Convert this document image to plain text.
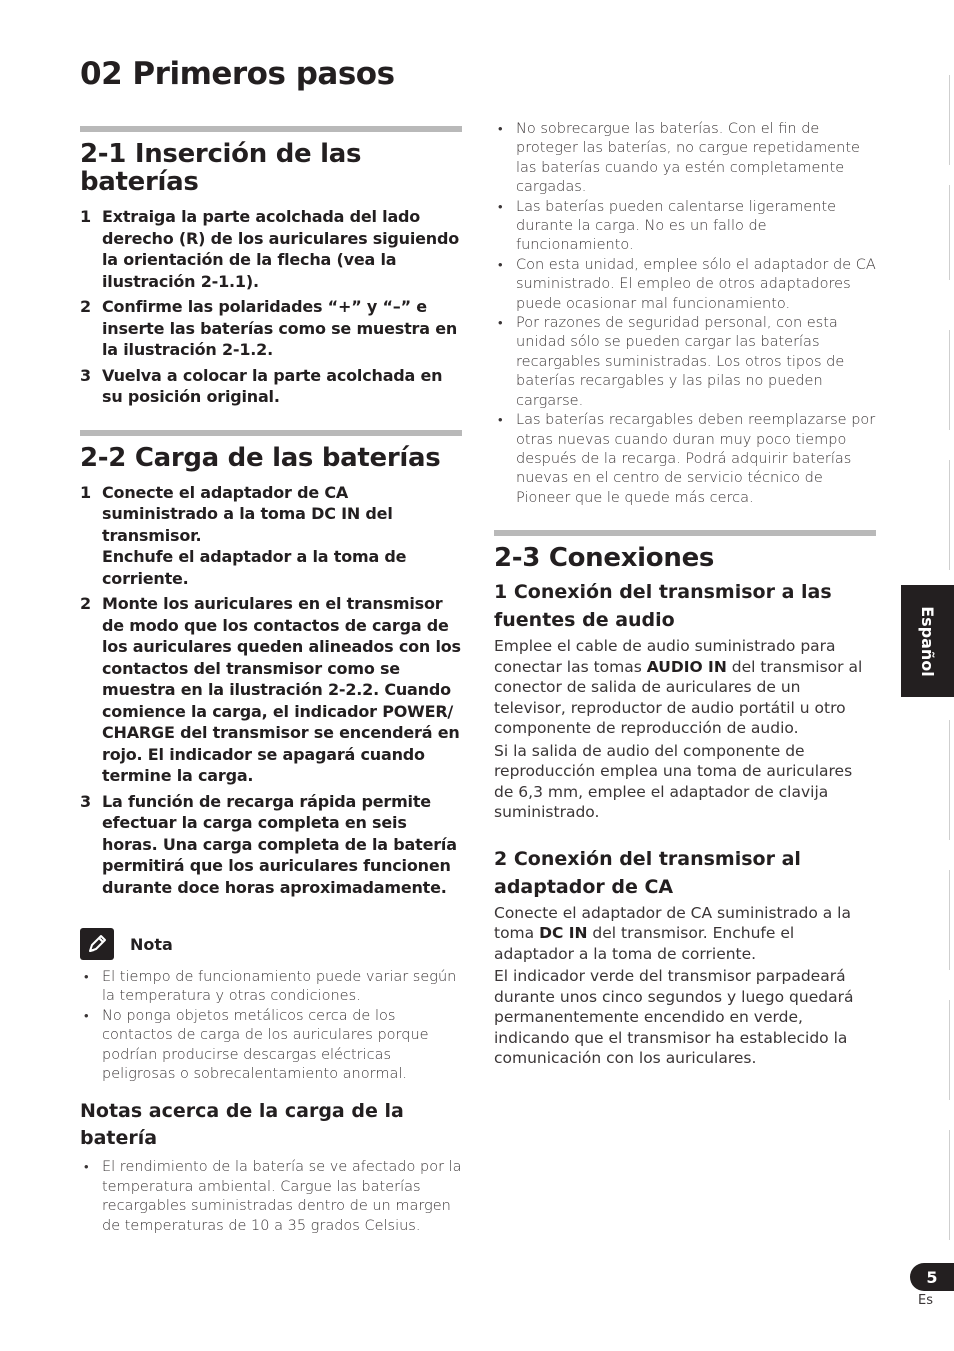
02 Primeros pasos
2-1 Inserción de las baterías
1 Extraiga la parte acolchada del lado derecho (R) de los auriculares siguiendo la orientación de la flecha (vea la ilustración 2-1.1).
2 Confirme las polaridades “+” y “–” e inserte las baterías como se muestra en la ilustración 2-1.2.
3 Vuelva a colocar la parte acolchada en su posición original.
2-2 Carga de las baterías
1 Conecte el adaptador de CA suministrado a la toma DC IN del transmisor.
Enchufe el adaptador a la toma de corriente.
2 Monte los auriculares en el transmisor de modo que los contactos de carga de los auriculares queden alineados con los contactos del transmisor como se muestra en la ilustración 2-2.2. Cuando comience la carga, el indicador POWER/ CHARGE del transmisor se encenderá en rojo. El indicador se apagará cuando termine la carga.
3 La función de recarga rápida permite efectuar la carga completa en seis horas. Una carga completa de la batería permitirá que los auriculares funcionen durante doce horas aproximadamente.
Nota
• El tiempo de funcionamiento puede variar según la temperatura y otras condiciones.
• No ponga objetos metálicos cerca de los contactos de carga de los auriculares porque podrían producirse descargas eléctricas peligrosas o sobrecalentamiento anormal.
Notas acerca de la carga de la batería
• El rendimiento de la batería se ve afectado por la temperatura ambiental. Cargue las baterías recargables suministradas dentro de un margen de temperaturas de 10 a 35 grados Celsius.
• No sobrecargue las baterías. Con el fin de proteger las baterías, no cargue repetidamente las baterías cuando ya estén completamente cargadas.
• Las baterías pueden calentarse ligeramente durante la carga. No es un fallo de funcionamiento.
• Con esta unidad, emplee sólo el adaptador de CA suministrado. El empleo de otros adaptadores puede ocasionar mal funcionamiento.
• Por razones de seguridad personal, con esta unidad sólo se pueden cargar las baterías recargables suministradas. Los otros tipos de baterías recargables y las pilas no pueden cargarse.
• Las baterías recargables deben reemplazarse por otras nuevas cuando duran muy poco tiempo después de la recarga. Podrá adquirir baterías nuevas en el centro de servicio técnico de Pioneer que le quede más cerca.
2-3 Conexiones
1 Conexión del transmisor a las fuentes de audio

Emplee el cable de audio suministrado para conectar las tomas AUDIO IN del transmisor al conector de salida de auriculares de un televisor, reproductor de audio portátil u otro componente de reproducción de audio.

Si la salida de audio del componente de reproducción emplea una toma de auriculares de 6,3 mm, emplee el adaptador de clavija suministrado.

2 Conexión del transmisor al adaptador de CA

Conecte el adaptador de CA suministrado a la toma DC IN del transmisor. Enchufe el adaptador a la toma de corriente.

El indicador verde del transmisor parpadeará durante unos cinco segundos y luego quedará permanentemente encendido en verde, indicando que el transmisor ha establecido la comunicación con los auriculares.

Español
5
Es
